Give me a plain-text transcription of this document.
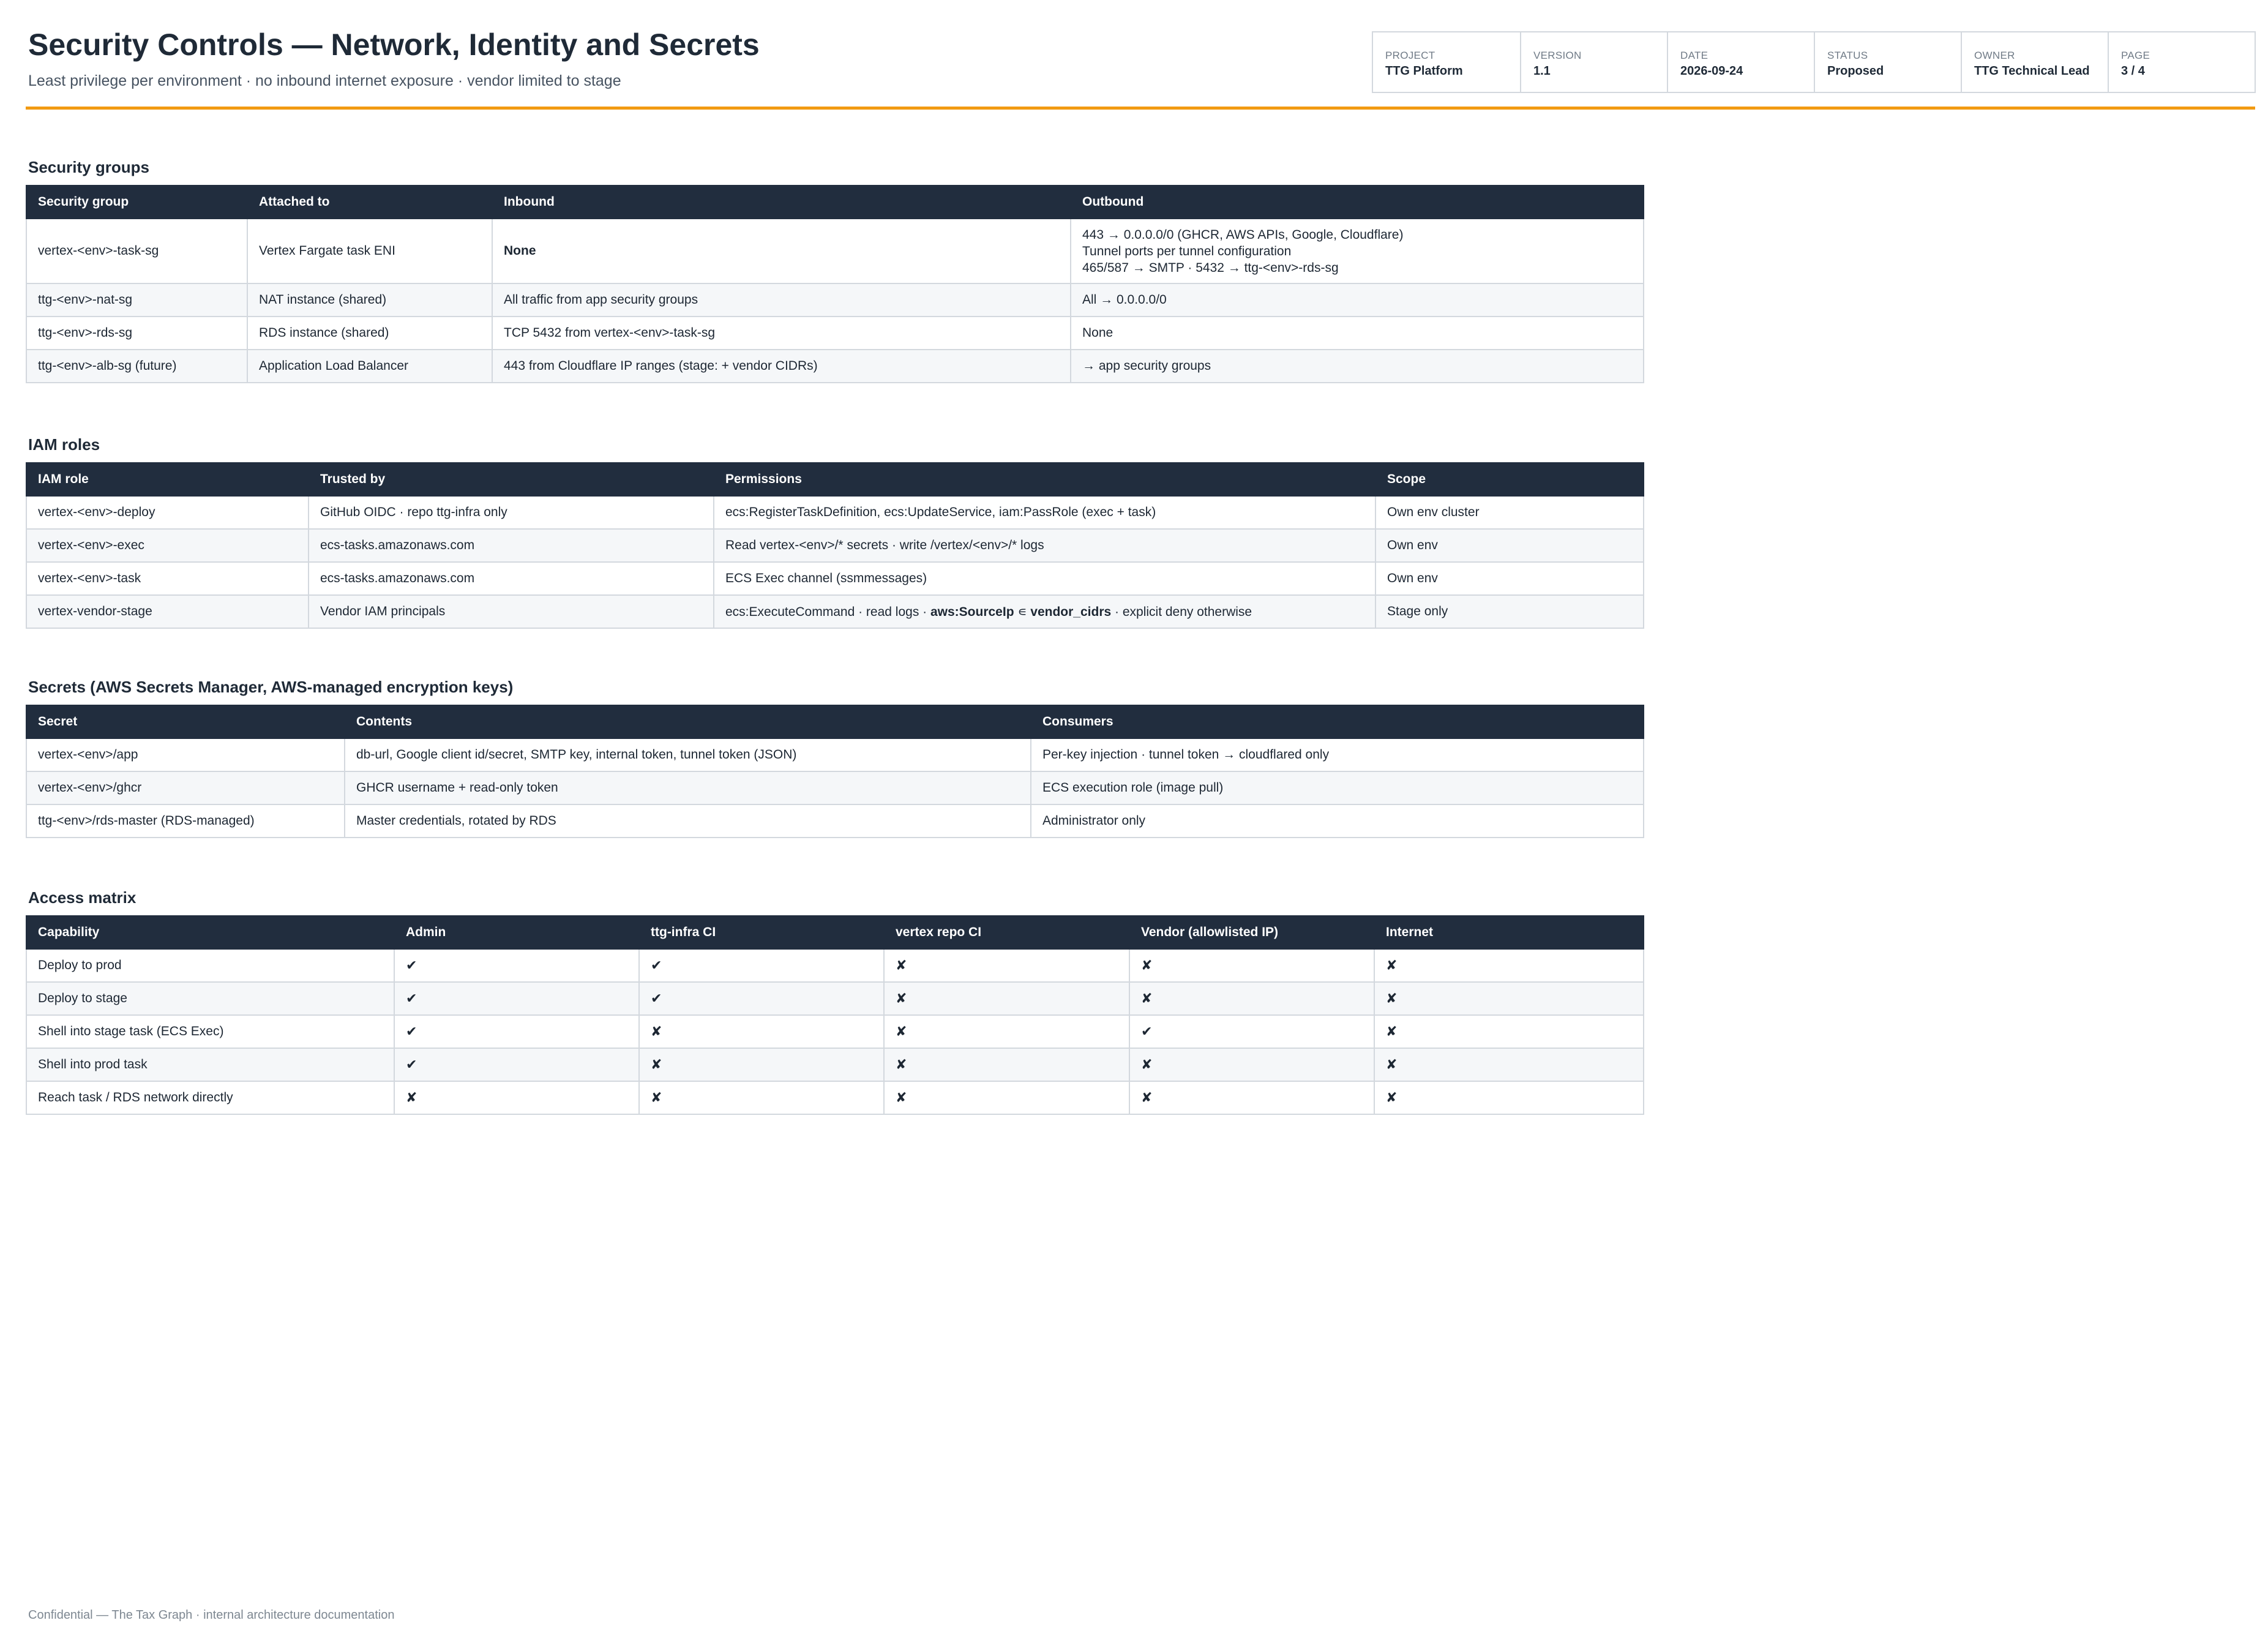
Security Controls — Network, Identity and Secrets
Least privilege per environment · no inbound internet exposure · vendor limited to stage
PROJECT
TTG Platform
VERSION
1.1
DATE
2026-09-24
STATUS
Proposed
OWNER
TTG Technical Lead
PAGE
3 / 4
Security groups
Security group	Attached to	Inbound	Outbound
vertex-<env>-task-sg	Vertex Fargate task ENI	None	443 → 0.0.0.0/0 (GHCR, AWS APIs, Google, Cloudflare)
Tunnel ports per tunnel configuration
465/587 → SMTP · 5432 → ttg-<env>-rds-sg

ttg-<env>-nat-sg	NAT instance (shared)	All traffic from app security groups	All → 0.0.0.0/0
ttg-<env>-rds-sg	RDS instance (shared)	TCP 5432 from vertex-<env>-task-sg	None
ttg-<env>-alb-sg (future)	Application Load Balancer	443 from Cloudflare IP ranges (stage: + vendor CIDRs)	→ app security groups
IAM roles
IAM role	Trusted by	Permissions	Scope
vertex-<env>-deploy	GitHub OIDC · repo ttg-infra only	ecs:RegisterTaskDefinition, ecs:UpdateService, iam:PassRole (exec + task)	Own env cluster
vertex-<env>-exec	ecs-tasks.amazonaws.com	Read vertex-<env>/* secrets · write /vertex/<env>/* logs	Own env
vertex-<env>-task	ecs-tasks.amazonaws.com	ECS Exec channel (ssmmessages)	Own env
vertex-vendor-stage	Vendor IAM principals	ecs:ExecuteCommand · read logs · aws:SourceIp ∊ vendor_cidrs · explicit deny otherwise	Stage only
Secrets (AWS Secrets Manager, AWS-managed encryption keys)
Secret	Contents	Consumers
vertex-<env>/app	db-url, Google client id/secret, SMTP key, internal token, tunnel token (JSON)	Per-key injection · tunnel token → cloudflared only
vertex-<env>/ghcr	GHCR username + read-only token	ECS execution role (image pull)
ttg-<env>/rds-master (RDS-managed)	Master credentials, rotated by RDS	Administrator only
Access matrix
Capability	Admin	ttg-infra CI	vertex repo CI	Vendor (allowlisted IP)	Internet
Deploy to prod	✔	✔	✘	✘	✘
Deploy to stage	✔	✔	✘	✘	✘
Shell into stage task (ECS Exec)	✔	✘	✘	✔	✘
Shell into prod task	✔	✘	✘	✘	✘
Reach task / RDS network directly	✘	✘	✘	✘	✘
Confidential — The Tax Graph · internal architecture documentation
